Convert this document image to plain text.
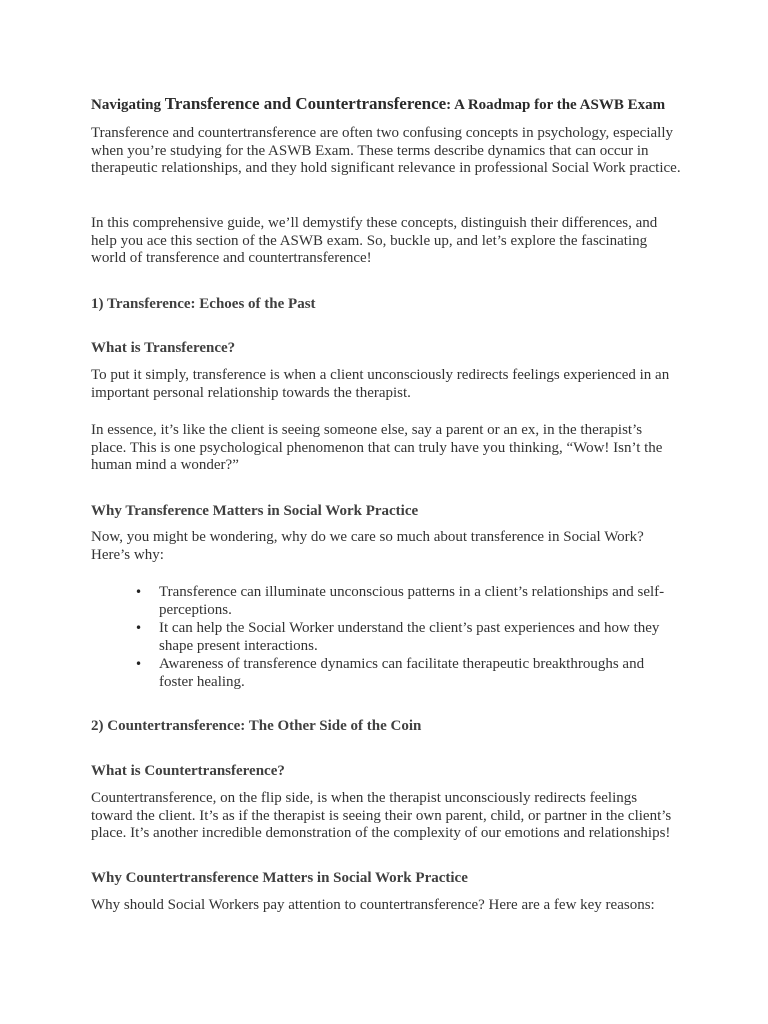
Navigating Transference and Countertransference: A Roadmap for the ASWB Exam

Transference and countertransference are often two confusing concepts in psychology, especially when you’re studying for the ASWB Exam. These terms describe dynamics that can occur in therapeutic relationships, and they hold significant relevance in professional Social Work practice.

In this comprehensive guide, we’ll demystify these concepts, distinguish their differences, and help you ace this section of the ASWB exam. So, buckle up, and let’s explore the fascinating world of transference and countertransference!

1) Transference: Echoes of the Past
What is Transference?

To put it simply, transference is when a client unconsciously redirects feelings experienced in an important personal relationship towards the therapist.

In essence, it’s like the client is seeing someone else, say a parent or an ex, in the therapist’s place. This is one psychological phenomenon that can truly have you thinking, “Wow! Isn’t the human mind a wonder?”

Why Transference Matters in Social Work Practice

Now, you might be wondering, why do we care so much about transference in Social Work? Here’s why:

• Transference can illuminate unconscious patterns in a client’s relationships and self-perceptions.
• It can help the Social Worker understand the client’s past experiences and how they shape present interactions.
• Awareness of transference dynamics can facilitate therapeutic breakthroughs and foster healing.
2) Countertransference: The Other Side of the Coin
What is Countertransference?

Countertransference, on the flip side, is when the therapist unconsciously redirects feelings toward the client. It’s as if the therapist is seeing their own parent, child, or partner in the client’s place. It’s another incredible demonstration of the complexity of our emotions and relationships!

Why Countertransference Matters in Social Work Practice

Why should Social Workers pay attention to countertransference? Here are a few key reasons:
